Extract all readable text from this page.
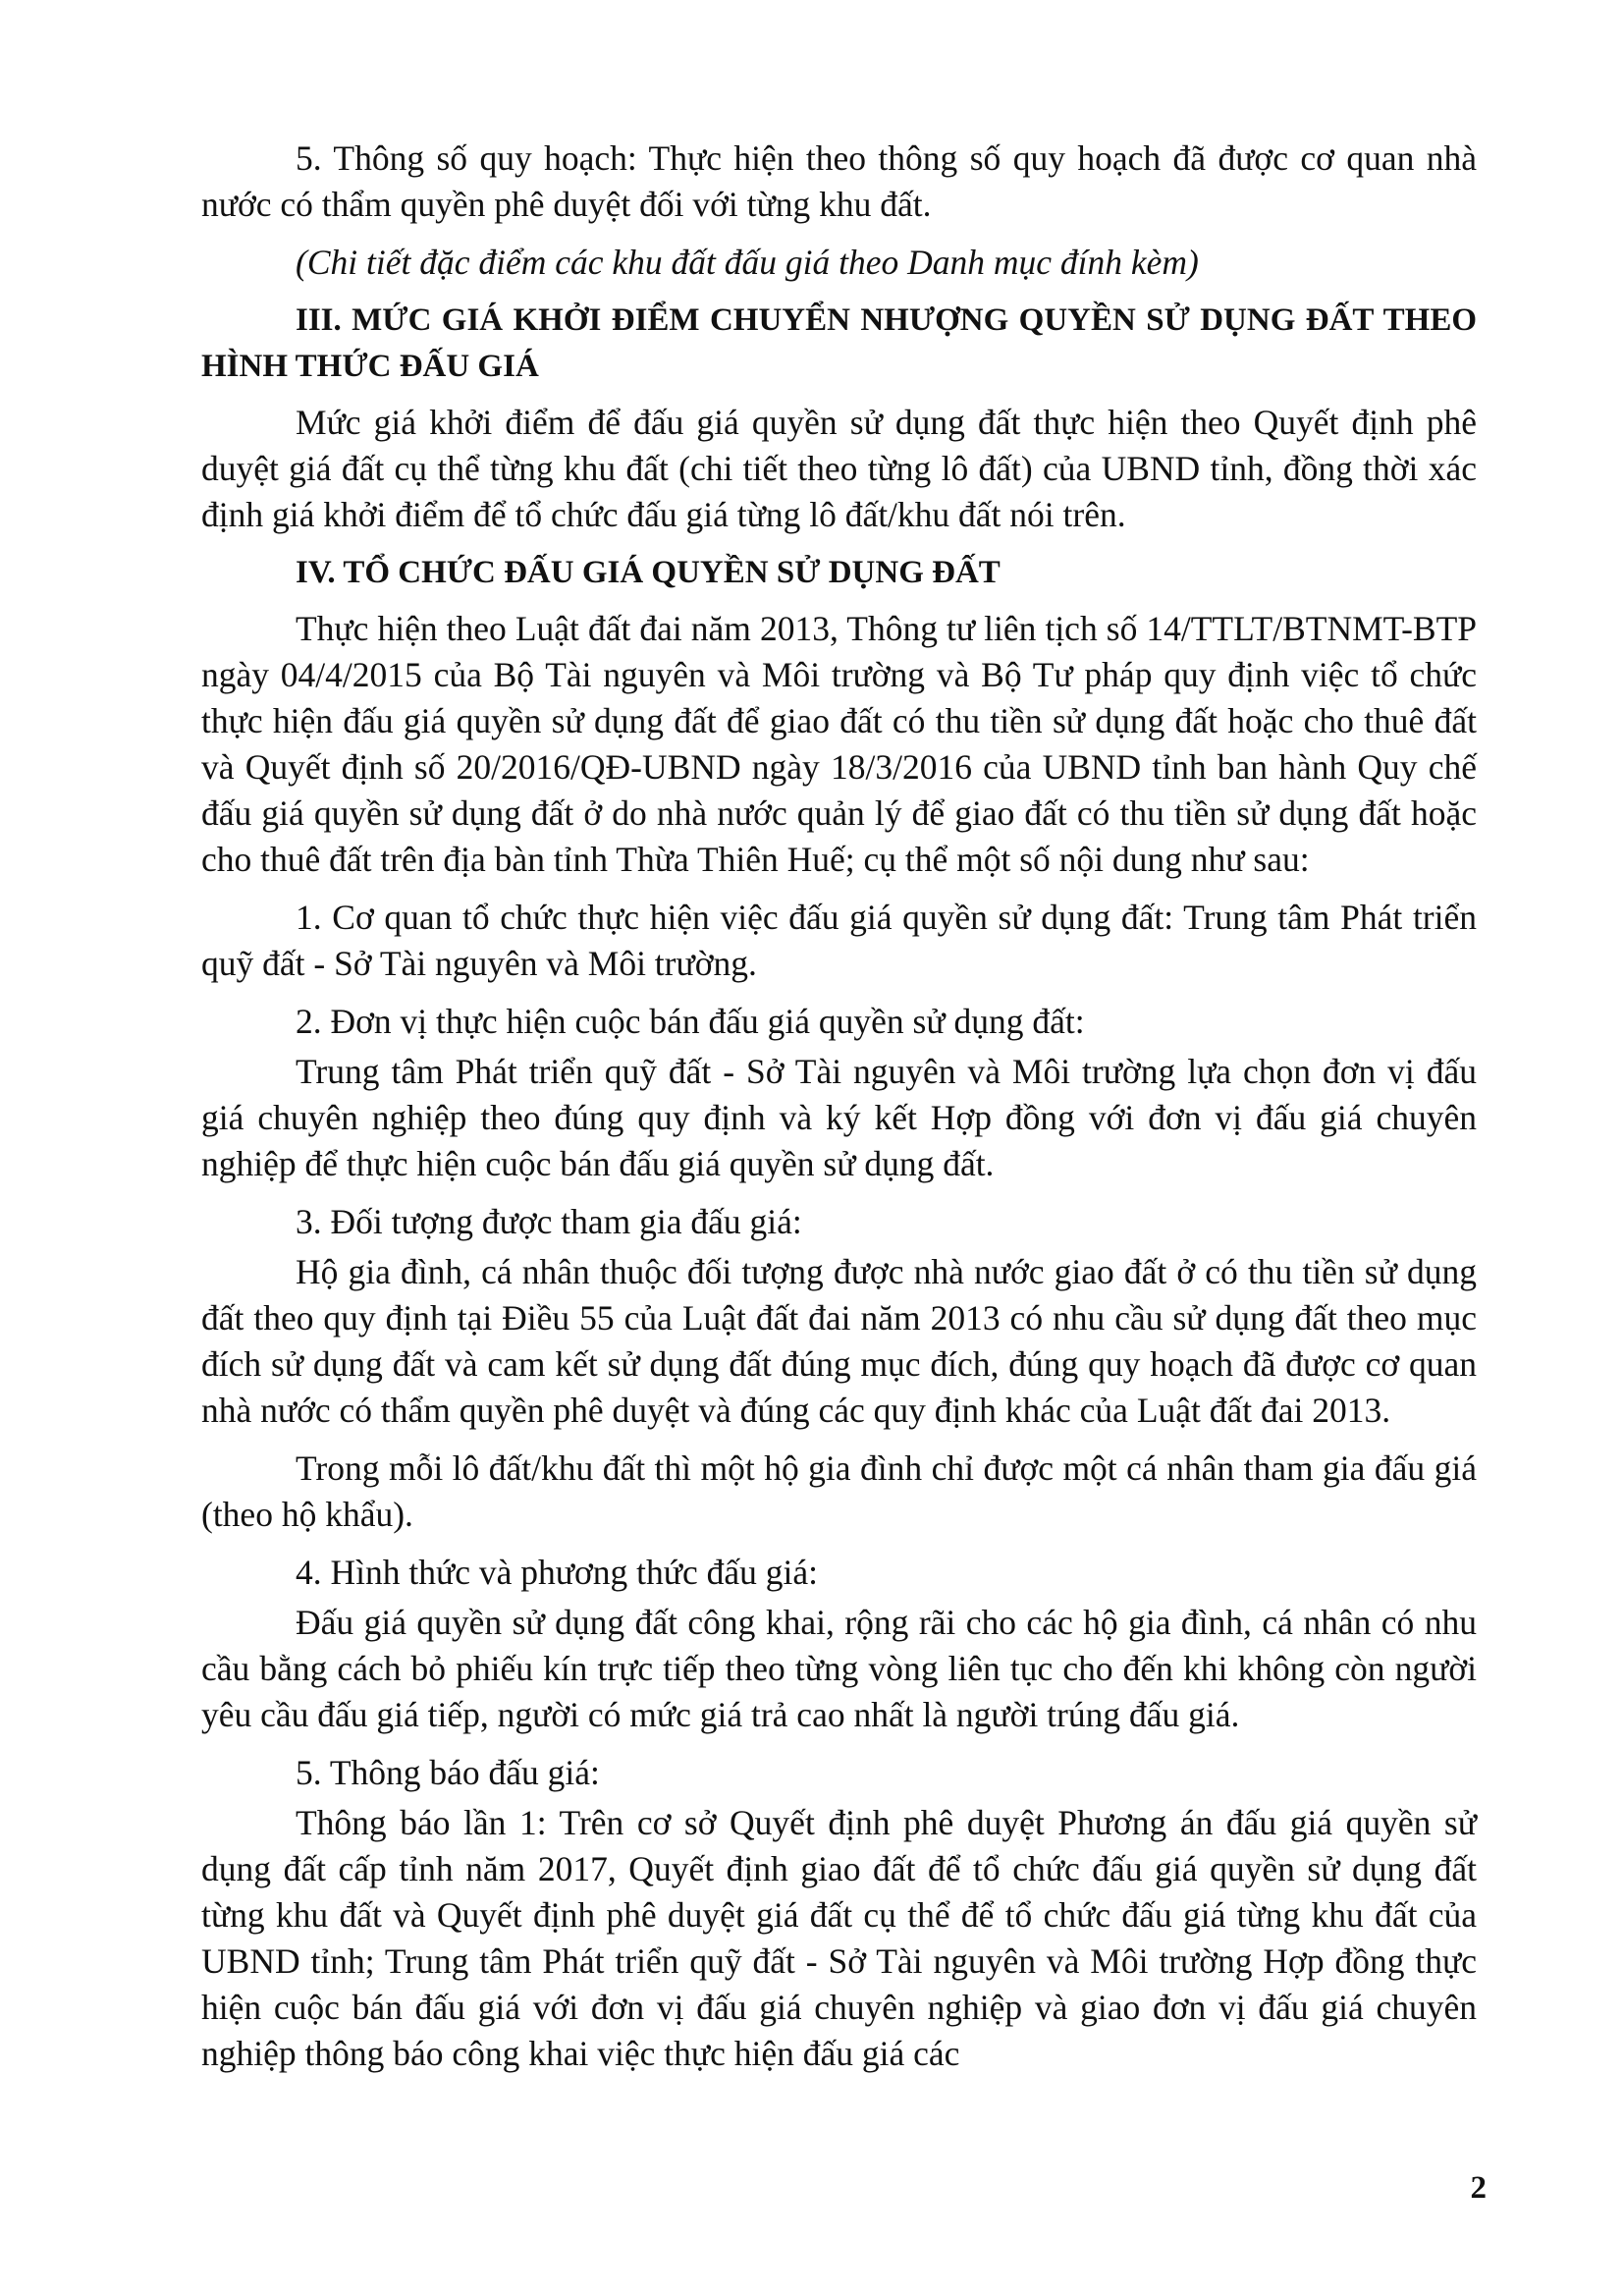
5. Thông số quy hoạch: Thực hiện theo thông số quy hoạch đã được cơ quan nhà nước có thẩm quyền phê duyệt đối với từng khu đất.

(Chi tiết đặc điểm các khu đất đấu giá theo Danh mục đính kèm)

III. MỨC GIÁ KHỞI ĐIỂM CHUYỂN NHƯỢNG QUYỀN SỬ DỤNG ĐẤT THEO HÌNH THỨC ĐẤU GIÁ

Mức giá khởi điểm để đấu giá quyền sử dụng đất thực hiện theo Quyết định phê duyệt giá đất cụ thể từng khu đất (chi tiết theo từng lô đất) của UBND tỉnh, đồng thời xác định giá khởi điểm để tổ chức đấu giá từng lô đất/khu đất nói trên.

IV. TỔ CHỨC ĐẤU GIÁ QUYỀN SỬ DỤNG ĐẤT

Thực hiện theo Luật đất đai năm 2013, Thông tư liên tịch số 14/TTLT/BTNMT-BTP ngày 04/4/2015 của Bộ Tài nguyên và Môi trường và Bộ Tư pháp quy định việc tổ chức thực hiện đấu giá quyền sử dụng đất để giao đất có thu tiền sử dụng đất hoặc cho thuê đất và Quyết định số 20/2016/QĐ-UBND ngày 18/3/2016 của UBND tỉnh ban hành Quy chế đấu giá quyền sử dụng đất ở do nhà nước quản lý để giao đất có thu tiền sử dụng đất hoặc cho thuê đất trên địa bàn tỉnh Thừa Thiên Huế; cụ thể một số nội dung như sau:

1. Cơ quan tổ chức thực hiện việc đấu giá quyền sử dụng đất: Trung tâm Phát triển quỹ đất - Sở Tài nguyên và Môi trường.

2. Đơn vị thực hiện cuộc bán đấu giá quyền sử dụng đất:

Trung tâm Phát triển quỹ đất - Sở Tài nguyên và Môi trường lựa chọn đơn vị đấu giá chuyên nghiệp theo đúng quy định và ký kết Hợp đồng với đơn vị đấu giá chuyên nghiệp để thực hiện cuộc bán đấu giá quyền sử dụng đất.

3. Đối tượng được tham gia đấu giá:

Hộ gia đình, cá nhân thuộc đối tượng được nhà nước giao đất ở có thu tiền sử dụng đất theo quy định tại Điều 55 của Luật đất đai năm 2013 có nhu cầu sử dụng đất theo mục đích sử dụng đất và cam kết sử dụng đất đúng mục đích, đúng quy hoạch đã được cơ quan nhà nước có thẩm quyền phê duyệt và đúng các quy định khác của Luật đất đai 2013.

Trong mỗi lô đất/khu đất thì một hộ gia đình chỉ được một cá nhân tham gia đấu giá (theo hộ khẩu).

4. Hình thức và phương thức đấu giá:

Đấu giá quyền sử dụng đất công khai, rộng rãi cho các hộ gia đình, cá nhân có nhu cầu bằng cách bỏ phiếu kín trực tiếp theo từng vòng liên tục cho đến khi không còn người yêu cầu đấu giá tiếp, người có mức giá trả cao nhất là người trúng đấu giá.

5. Thông báo đấu giá:

Thông báo lần 1: Trên cơ sở Quyết định phê duyệt Phương án đấu giá quyền sử dụng đất cấp tỉnh năm 2017, Quyết định giao đất để tổ chức đấu giá quyền sử dụng đất từng khu đất và Quyết định phê duyệt giá đất cụ thể để tổ chức đấu giá từng khu đất của UBND tỉnh; Trung tâm Phát triển quỹ đất - Sở Tài nguyên và Môi trường Hợp đồng thực hiện cuộc bán đấu giá với đơn vị đấu giá chuyên nghiệp và giao đơn vị đấu giá chuyên nghiệp thông báo công khai việc thực hiện đấu giá các

2
